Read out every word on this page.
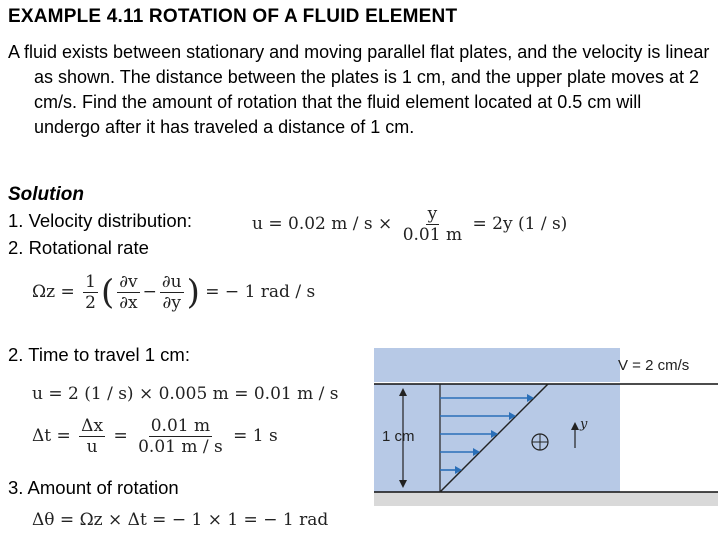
EXAMPLE 4.11 ROTATION OF A FLUID ELEMENT
A fluid exists between stationary and moving parallel flat plates, and the velocity is linear as shown. The distance between the plates is 1 cm, and the upper plate moves at 2 cm/s. Find the amount of rotation that the fluid element located at 0.5 cm will undergo after it has traveled a distance of 1 cm.
Solution
1. Velocity distribution:
2. Rotational rate
2. Time to travel 1 cm:
3. Amount of rotation
u = 0.02 $m / s \times \frac{y}{0.01 m} = 2y$ (1 / s)
$\Omega z = \frac{1}{2}$ ( $\frac{\partial v}{\partial x} - \frac{\partial u}{\partial y}$ ) = − 1 rad / s
u = 2 (1 / s) × 0.005 m = 0.01 m / s
$\Delta t = \frac{\Delta x}{u} = \frac{0.01 m}{0.01 m / s} = 1$ s
Δθ = Ωz × Δt = − 1 × 1 = − 1 rad
V = 2 cm/s
1 cm
y
